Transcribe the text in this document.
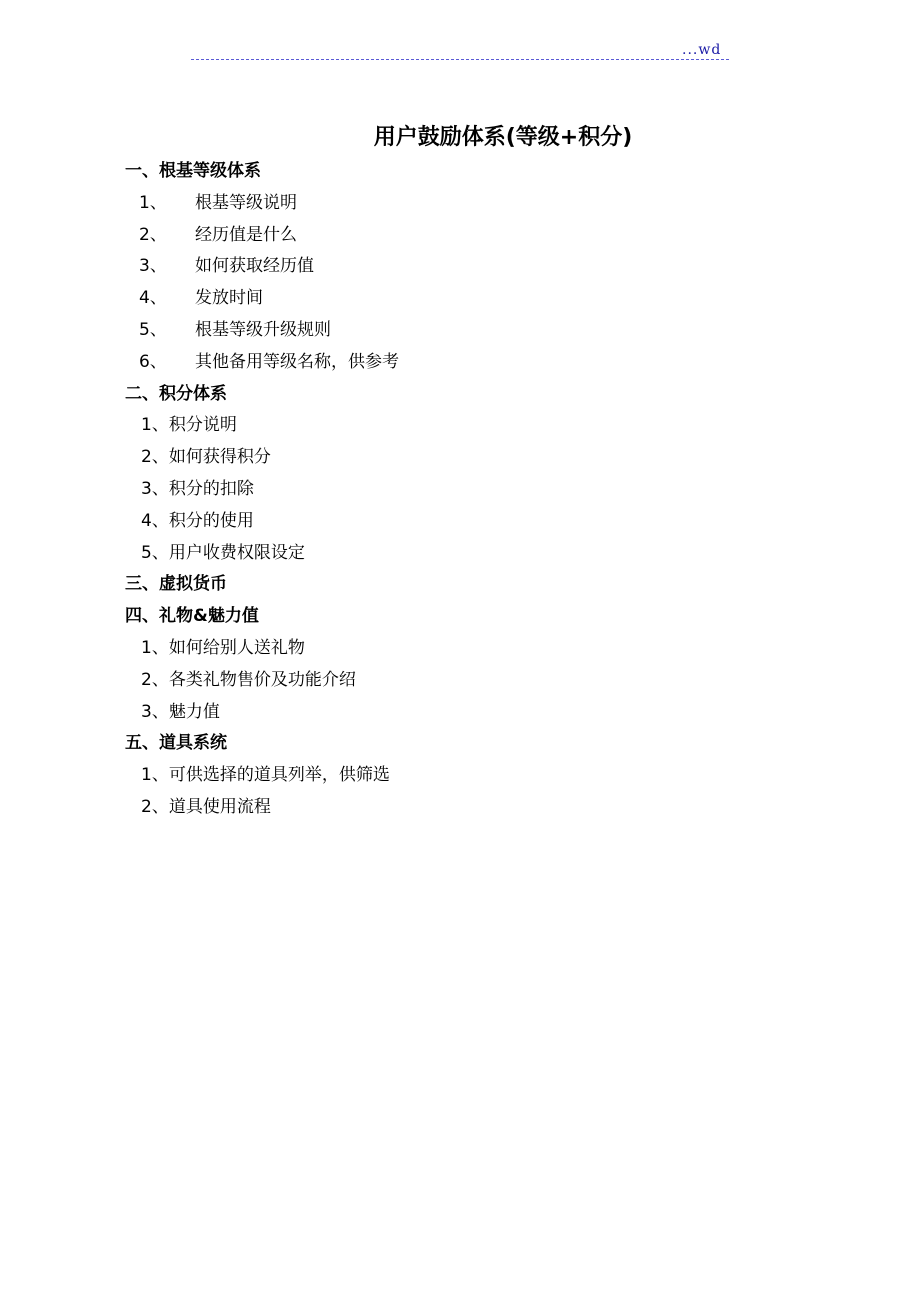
...wd
用户鼓励体系(等级+积分)
一、根基等级体系
1、 根基等级说明
2、 经历值是什么
3、 如何获取经历值
4、 发放时间
5、 根基等级升级规则
6、 其他备用等级名称，供参考
二、积分体系
1、积分说明
2、如何获得积分
3、积分的扣除
4、积分的使用
5、用户收费权限设定
三、虚拟货币
四、礼物&魅力值
1、如何给别人送礼物
2、各类礼物售价及功能介绍
3、魅力值
五、道具系统
1、可供选择的道具列举，供筛选
2、道具使用流程
